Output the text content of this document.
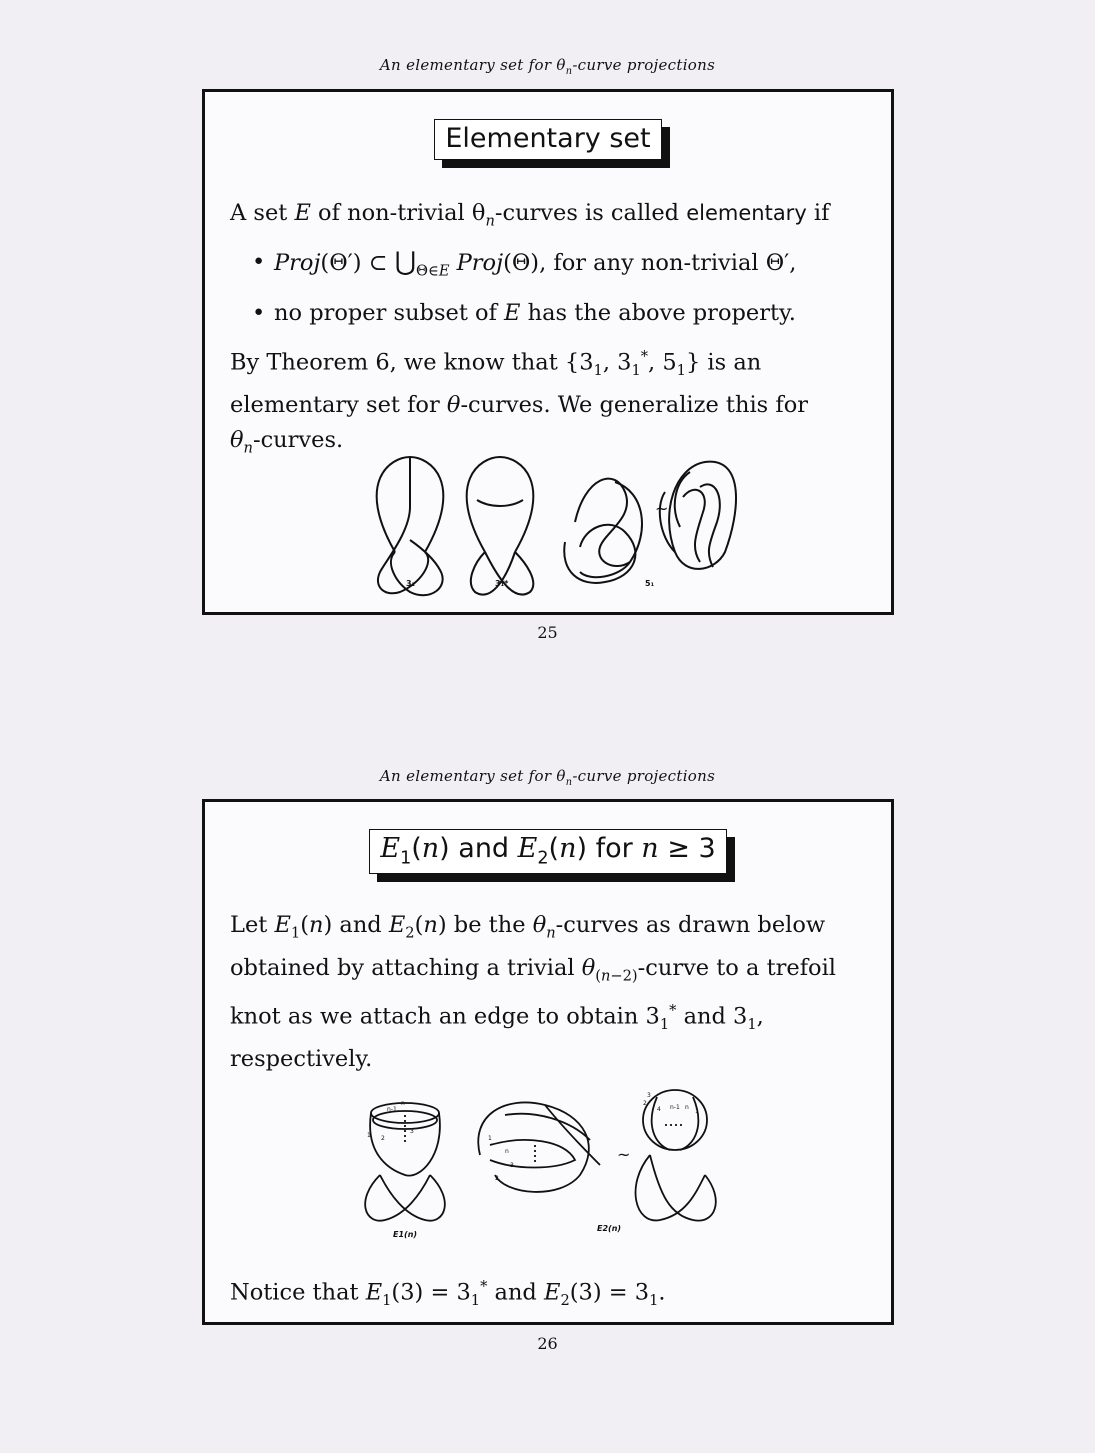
An elementary set for $\theta_n$-curve projections
Elementary set

A set E of non-trivial $\theta_n$-curves is called elementary if

• Proj(Θ′) ⊂ $⋃_{\Theta\in E}$ Proj(Θ), for any non-trivial Θ′,
• no proper subset of E has the above property.

By Theorem 6, we know that {$3_1$, $3_1^*$, $5_1$} is an
elementary set for θ-curves. We generalize this for
$\theta_n$-curves.

~
3₁	3₁*	5₁
25
An elementary set for $\theta_n$-curve projections
$E_1(n)$ and $E_2(n)$ for n ≥ 3

Let $E_1(n)$ and $E_2(n)$ be the $\theta_n$-curves as drawn below
obtained by attaching a trivial $\theta_{(n-2)}$-curve to a trefoil
knot as we attach an edge to obtain $3_1^*$ and $3_1$,
respectively.

~
1 2
n
n-1
3
1
2
n
3
2
3
4 n-1 n
1
E1(n)
E2(n)

Notice that $E_1(3) = 3_1^*$ and $E_2(3) = 3_1$.

26
